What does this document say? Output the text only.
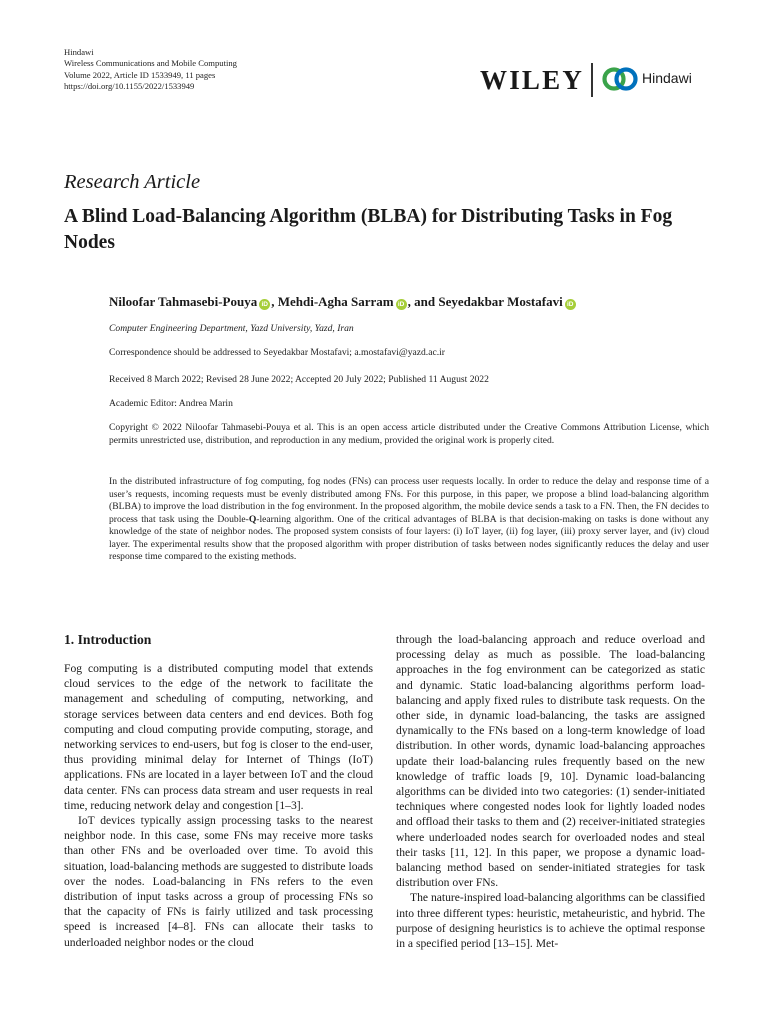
Hindawi
Wireless Communications and Mobile Computing
Volume 2022, Article ID 1533949, 11 pages
https://doi.org/10.1155/2022/1533949	WILEY	Hindawi
Research Article
A Blind Load-Balancing Algorithm (BLBA) for Distributing Tasks in Fog Nodes
Niloofar Tahmasebi-Pouya iD , Mehdi-Agha Sarram iD , and Seyedakbar Mostafavi iD
Computer Engineering Department, Yazd University, Yazd, Iran
Correspondence should be addressed to Seyedakbar Mostafavi; a.mostafavi@yazd.ac.ir
Received 8 March 2022; Revised 28 June 2022; Accepted 20 July 2022; Published 11 August 2022
Academic Editor: Andrea Marin
Copyright © 2022 Niloofar Tahmasebi-Pouya et al. This is an open access article distributed under the Creative Commons Attribution License, which permits unrestricted use, distribution, and reproduction in any medium, provided the original work is properly cited.
In the distributed infrastructure of fog computing, fog nodes (FNs) can process user requests locally. In order to reduce the delay and response time of a user’s requests, incoming requests must be evenly distributed among FNs. For this purpose, in this paper, we propose a blind load-balancing algorithm (BLBA) to improve the load distribution in the fog environment. In the proposed algorithm, the mobile device sends a task to a FN. Then, the FN decides to process that task using the Double-Q-learning algorithm. One of the critical advantages of BLBA is that decision-making on tasks is done without any knowledge of the state of neighbor nodes. The proposed system consists of four layers: (i) IoT layer, (ii) fog layer, (iii) proxy server layer, and (iv) cloud layer. The experimental results show that the proposed algorithm with proper distribution of tasks between nodes significantly reduces the delay and user response time compared to the existing methods.
1. Introduction

Fog computing is a distributed computing model that extends cloud services to the edge of the network to facilitate the management and scheduling of computing, networking, and storage services between data centers and end devices. Both fog computing and cloud computing provide computing, storage, and networking services to end-users, but fog is closer to the end-user, thus providing minimal delay for Internet of Things (IoT) applications. FNs are located in a layer between IoT and the cloud data center. FNs can process data stream and user requests in real time, reducing network delay and congestion [1–3].

IoT devices typically assign processing tasks to the nearest neighbor node. In this case, some FNs may receive more tasks than other FNs and be overloaded over time. To avoid this situation, load-balancing methods are suggested to distribute loads over the nodes. Load-balancing in FNs refers to the even distribution of input tasks across a group of processing FNs so that the capacity of FNs is fairly utilized and task processing speed is increased [4–8]. FNs can allocate their tasks to underloaded neighbor nodes or the cloud

through the load-balancing approach and reduce overload and processing delay as much as possible. The load-balancing approaches in the fog environment can be categorized as static and dynamic. Static load-balancing algorithms perform load-balancing and apply fixed rules to distribute task requests. On the other side, in dynamic load-balancing, the tasks are assigned dynamically to the FNs based on a long-term knowledge of load distribution. In other words, dynamic load-balancing approaches update their load-balancing rules frequently based on the new knowledge of traffic loads [9, 10]. Dynamic load-balancing algorithms can be divided into two categories: (1) sender-initiated techniques where congested nodes look for lightly loaded nodes and offload their tasks to them and (2) receiver-initiated strategies where underloaded nodes search for overloaded nodes and steal their tasks [11, 12]. In this paper, we propose a dynamic load-balancing method based on sender-initiated strategies for task distribution over FNs.

The nature-inspired load-balancing algorithms can be classified into three different types: heuristic, metaheuristic, and hybrid. The purpose of designing heuristics is to achieve the optimal response in a specified period [13–15]. Met-
